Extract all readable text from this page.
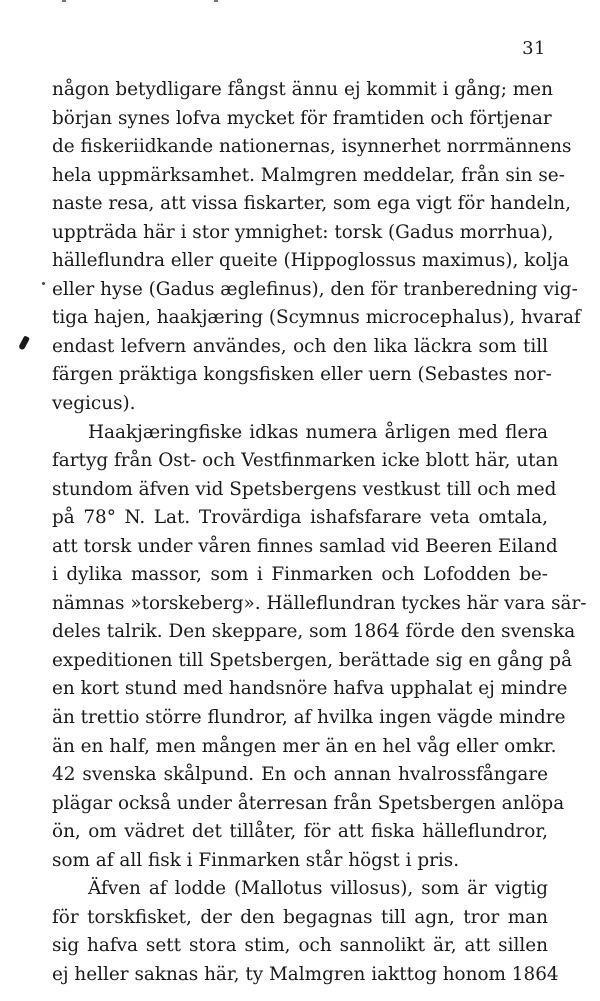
31
någon betydligare fångst ännu ej kommit i gång; men
början synes lofva mycket för framtiden och förtjenar
de fiskeriidkande nationernas, isynnerhet norrmännens
hela uppmärksamhet. Malmgren meddelar, från sin se-
naste resa, att vissa fiskarter, som ega vigt för handeln,
uppträda här i stor ymnighet: torsk (Gadus morrhua),
hälleflundra eller queite (Hippoglossus maximus), kolja
eller hyse (Gadus æglefinus), den för tranberedning vig-
tiga hajen, haakjæring (Scymnus microcephalus), hvaraf
endast lefvern användes, och den lika läckra som till
färgen präktiga kongsfisken eller uern (Sebastes nor-
vegicus).
Haakjæringfiske idkas numera årligen med flera
fartyg från Ost- och Vestfinmarken icke blott här, utan
stundom äfven vid Spetsbergens vestkust till och med
på 78° N. Lat. Trovärdiga ishafsfarare veta omtala,
att torsk under våren finnes samlad vid Beeren Eiland
i dylika massor, som i Finmarken och Lofodden be-
nämnas »torskeberg». Hälleflundran tyckes här vara sär-
deles talrik. Den skeppare, som 1864 förde den svenska
expeditionen till Spetsbergen, berättade sig en gång på
en kort stund med handsnöre hafva upphalat ej mindre
än trettio större flundror, af hvilka ingen vägde mindre
än en half, men mången mer än en hel våg eller omkr.
42 svenska skålpund. En och annan hvalrossfångare
plägar också under återresan från Spetsbergen anlöpa
ön, om vädret det tillåter, för att fiska hälleflundror,
som af all fisk i Finmarken står högst i pris.
Äfven af lodde (Mallotus villosus), som är vigtig
för torskfisket, der den begagnas till agn, tror man
sig hafva sett stora stim, och sannolikt är, att sillen
ej heller saknas här, ty Malmgren iakttog honom 1864
